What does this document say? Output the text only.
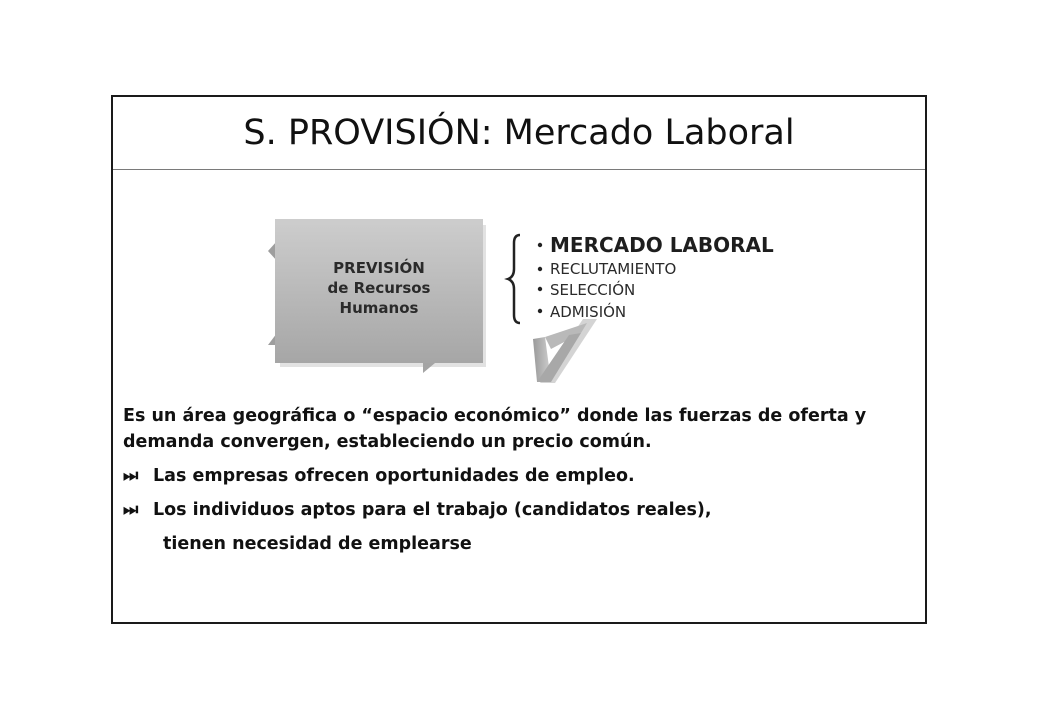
S. PROVISIÓN: Mercado Laboral
PREVISIÓN
de Recursos
Humanos
MERCADO LABORAL
RECLUTAMIENTO
SELECCIÓN
ADMISIÓN

Es un área geográfica o “espacio económico” donde las fuerzas de oferta y demanda convergen, estableciendo un precio común.

⏭ Las empresas ofrecen oportunidades de empleo.
⏭ Los individuos aptos para el trabajo (candidatos reales),

tienen necesidad de emplearse
